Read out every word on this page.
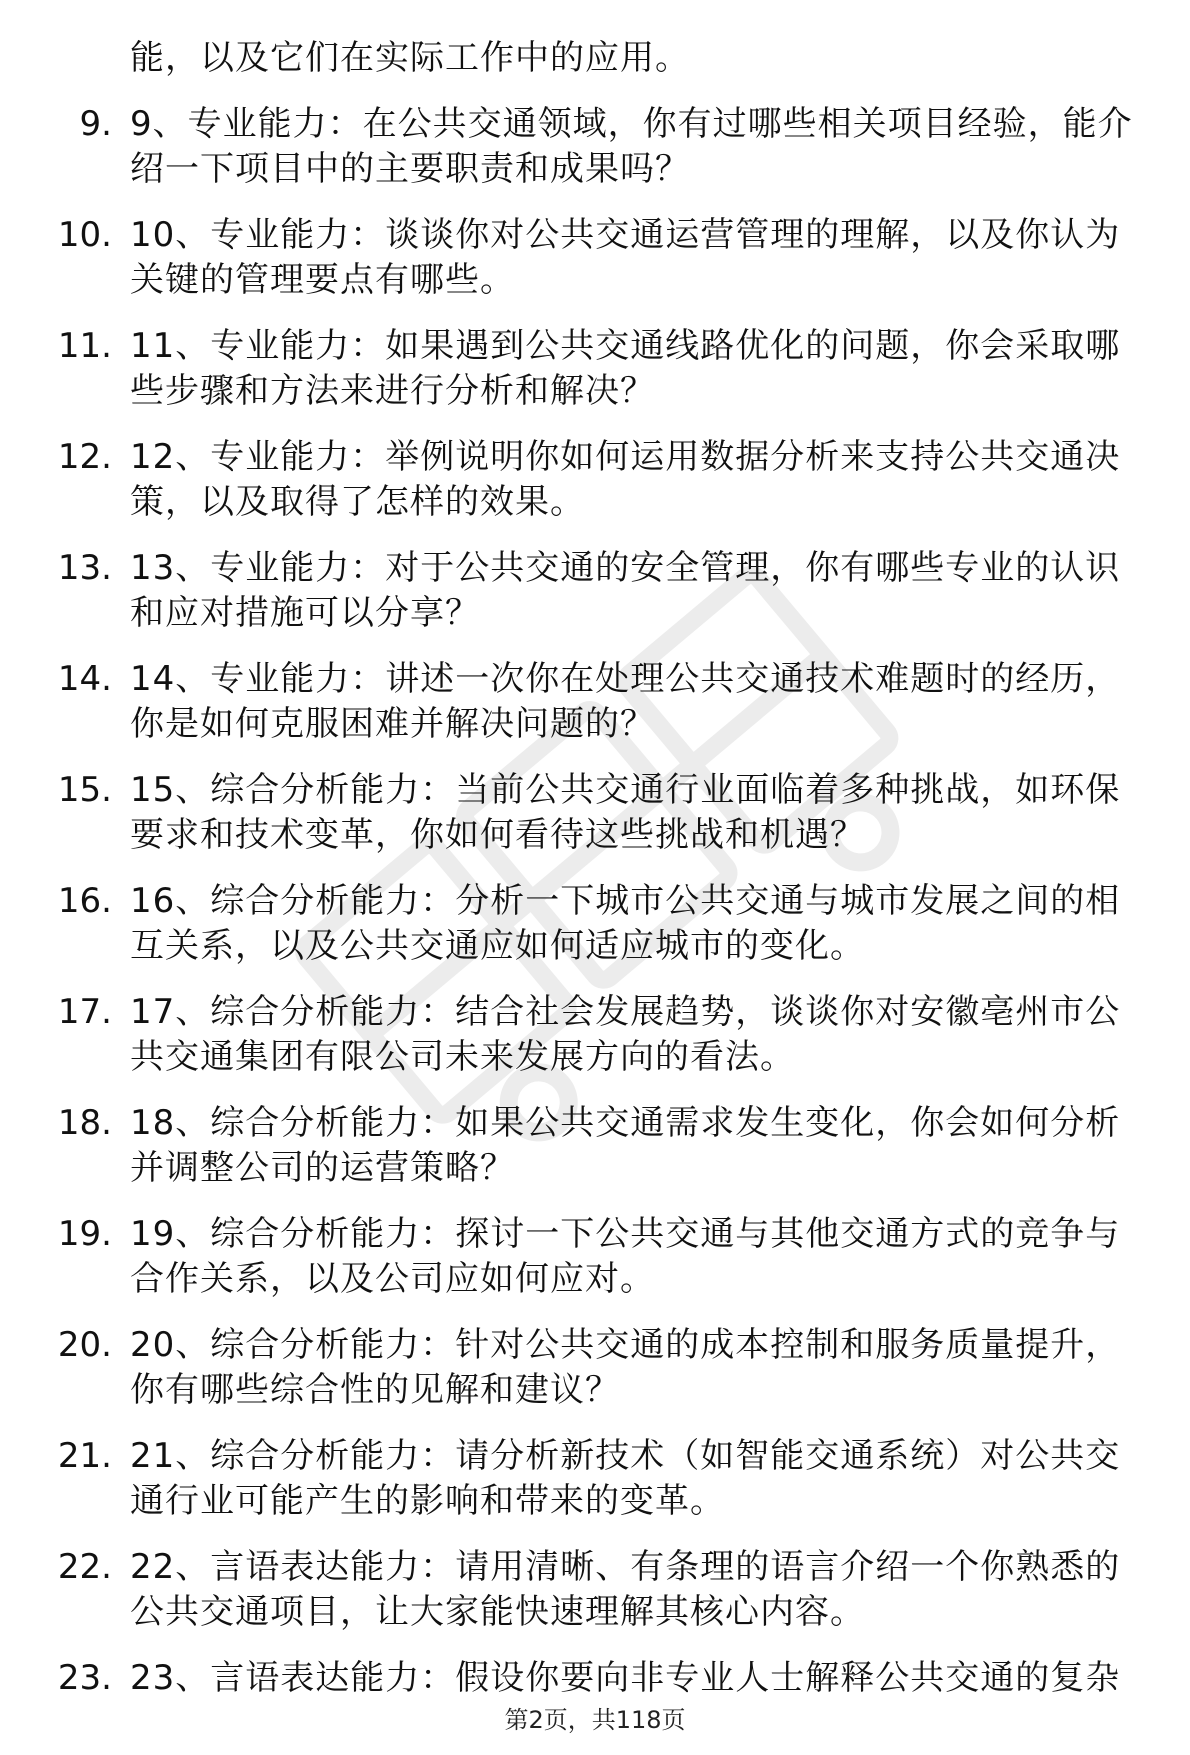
能，以及它们在实际工作中的应用。
9. 9、专业能力：在公共交通领域，你有过哪些相关项目经验，能介绍一下项目中的主要职责和成果吗？
10. 10、专业能力：谈谈你对公共交通运营管理的理解，以及你认为关键的管理要点有哪些。
11. 11、专业能力：如果遇到公共交通线路优化的问题，你会采取哪些步骤和方法来进行分析和解决？
12. 12、专业能力：举例说明你如何运用数据分析来支持公共交通决策，以及取得了怎样的效果。
13. 13、专业能力：对于公共交通的安全管理，你有哪些专业的认识和应对措施可以分享？
14. 14、专业能力：讲述一次你在处理公共交通技术难题时的经历，你是如何克服困难并解决问题的？
15. 15、综合分析能力：当前公共交通行业面临着多种挑战，如环保要求和技术变革，你如何看待这些挑战和机遇？
16. 16、综合分析能力：分析一下城市公共交通与城市发展之间的相互关系，以及公共交通应如何适应城市的变化。
17. 17、综合分析能力：结合社会发展趋势，谈谈你对安徽亳州市公共交通集团有限公司未来发展方向的看法。
18. 18、综合分析能力：如果公共交通需求发生变化，你会如何分析并调整公司的运营策略？
19. 19、综合分析能力：探讨一下公共交通与其他交通方式的竞争与合作关系，以及公司应如何应对。
20. 20、综合分析能力：针对公共交通的成本控制和服务质量提升，你有哪些综合性的见解和建议？
21. 21、综合分析能力：请分析新技术（如智能交通系统）对公共交通行业可能产生的影响和带来的变革。
22. 22、言语表达能力：请用清晰、有条理的语言介绍一个你熟悉的公共交通项目，让大家能快速理解其核心内容。
23. 23、言语表达能力：假设你要向非专业人士解释公共交通的复杂
第2页，共118页
